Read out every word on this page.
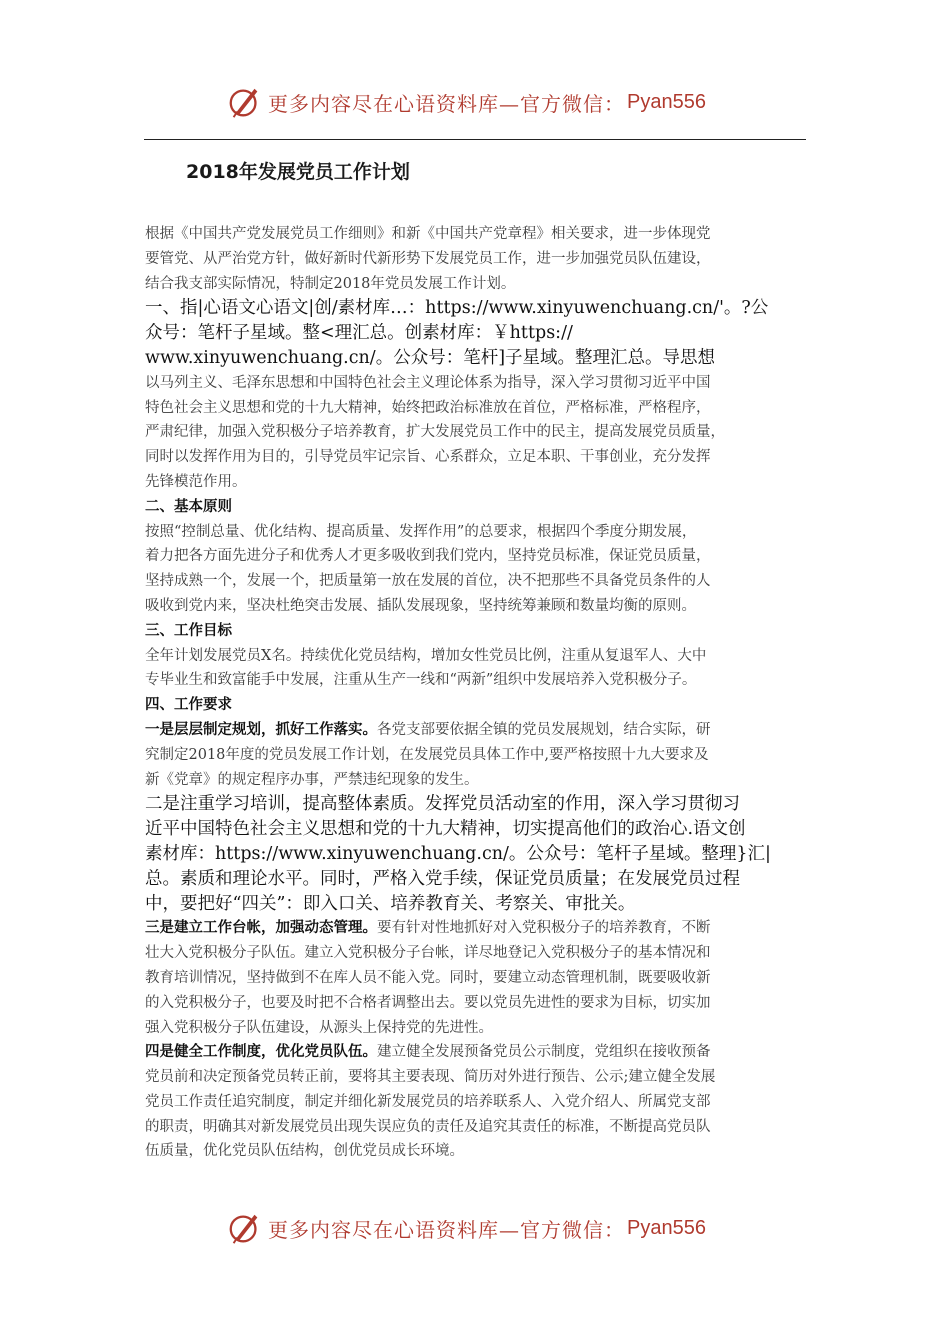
更多内容尽在心语资料库—官方微信： Pyan556
2018年发展党员工作计划

根据《中国共产党发展党员工作细则》和新《中国共产党章程》相关要求，进一步体现党

要管党、从严治党方针，做好新时代新形势下发展党员工作，进一步加强党员队伍建设，

结合我支部实际情况，特制定2018年党员发展工作计划。

一、指|心语文心语文|创/素材库…：https://www.xinyuwenchuang.cn/'。?公

众号：笔杆子星域。整<理汇总。创素材库：￥https://

www.xinyuwenchuang.cn/。公众号：笔杆]子星域。整理汇总。导思想

以马列主义、毛泽东思想和中国特色社会主义理论体系为指导，深入学习贯彻习近平中国

特色社会主义思想和党的十九大精神，始终把政治标准放在首位，严格标准，严格程序，

严肃纪律，加强入党积极分子培养教育，扩大发展党员工作中的民主，提高发展党员质量，

同时以发挥作用为目的，引导党员牢记宗旨、心系群众，立足本职、干事创业，充分发挥

先锋模范作用。

二、基本原则

按照“控制总量、优化结构、提高质量、发挥作用”的总要求，根据四个季度分期发展，

着力把各方面先进分子和优秀人才更多吸收到我们党内，坚持党员标准，保证党员质量，

坚持成熟一个，发展一个，把质量第一放在发展的首位，决不把那些不具备党员条件的人

吸收到党内来，坚决杜绝突击发展、插队发展现象，坚持统筹兼顾和数量均衡的原则。

三、工作目标

全年计划发展党员X名。持续优化党员结构，增加女性党员比例，注重从复退军人、大中

专毕业生和致富能手中发展，注重从生产一线和“两新”组织中发展培养入党积极分子。

四、工作要求

一是层层制定规划，抓好工作落实。各党支部要依据全镇的党员发展规划，结合实际，研

究制定2018年度的党员发展工作计划，在发展党员具体工作中,要严格按照十九大要求及

新《党章》的规定程序办事，严禁违纪现象的发生。

二是注重学习培训，提高整体素质。发挥党员活动室的作用，深入学习贯彻习

近平中国特色社会主义思想和党的十九大精神，切实提高他们的政治心.语文创

素材库：https://www.xinyuwenchuang.cn/。公众号：笔杆子星域。整理}汇|

总。素质和理论水平。同时，严格入党手续，保证党员质量；在发展党员过程

中，要把好“四关”：即入口关、培养教育关、考察关、审批关。

三是建立工作台帐，加强动态管理。要有针对性地抓好对入党积极分子的培养教育，不断

壮大入党积极分子队伍。建立入党积极分子台帐，详尽地登记入党积极分子的基本情况和

教育培训情况，坚持做到不在库人员不能入党。同时，要建立动态管理机制，既要吸收新

的入党积极分子，也要及时把不合格者调整出去。要以党员先进性的要求为目标，切实加

强入党积极分子队伍建设，从源头上保持党的先进性。

四是健全工作制度，优化党员队伍。建立健全发展预备党员公示制度，党组织在接收预备

党员前和决定预备党员转正前，要将其主要表现、简历对外进行预告、公示;建立健全发展

党员工作责任追究制度，制定并细化新发展党员的培养联系人、入党介绍人、所属党支部

的职责，明确其对新发展党员出现失误应负的责任及追究其责任的标准，不断提高党员队

伍质量，优化党员队伍结构，创优党员成长环境。

更多内容尽在心语资料库—官方微信： Pyan556
